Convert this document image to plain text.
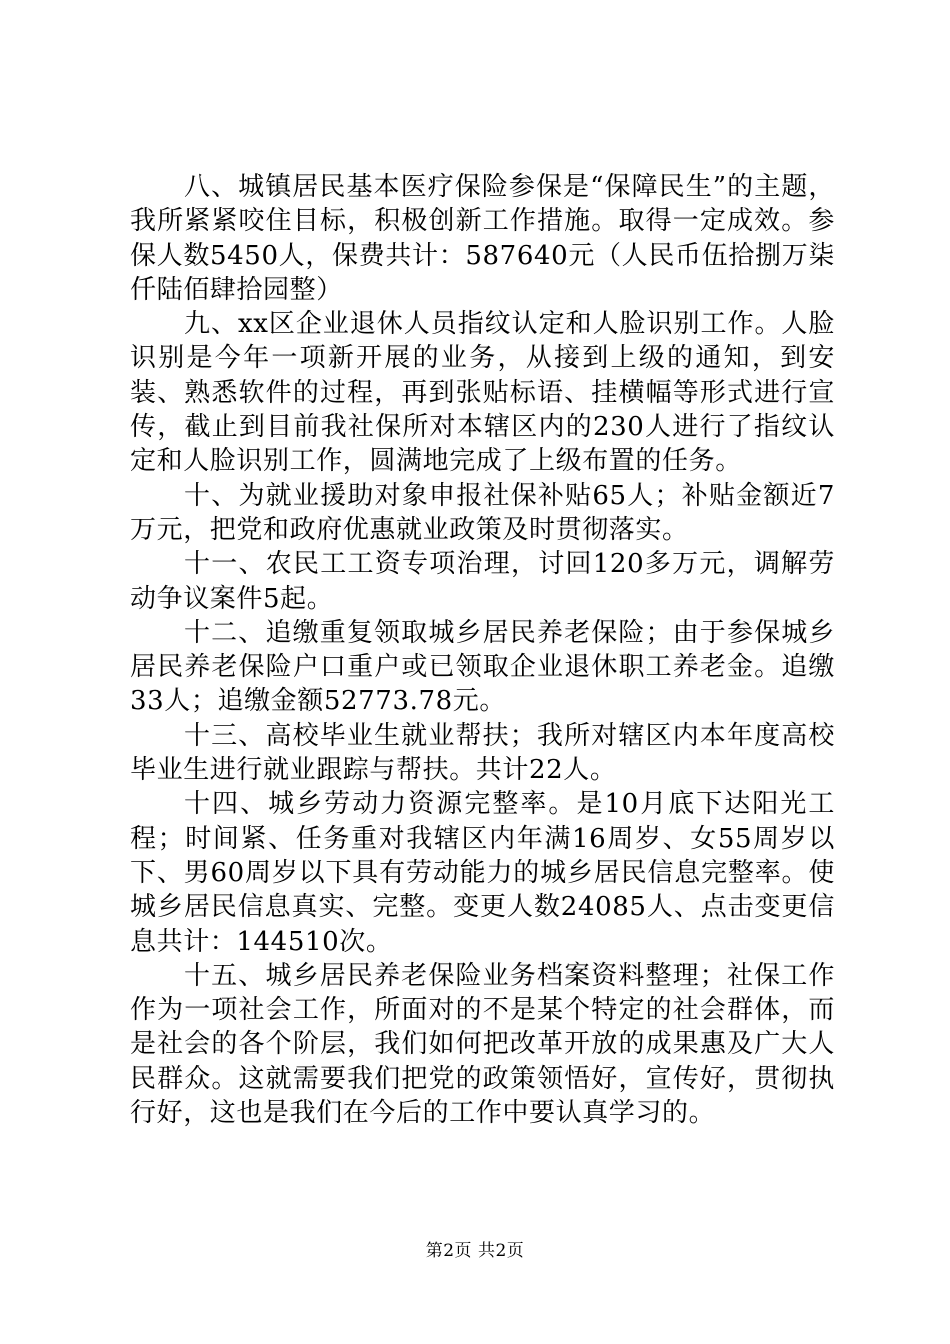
八、城镇居民基本医疗保险参保是“保障民生”的主题，我所紧紧咬住目标，积极创新工作措施。取得一定成效。参保人数5450人，保费共计：587640元（人民币伍拾捌万柒仟陆佰肆拾园整）

九、xx区企业退休人员指纹认定和人脸识别工作。人脸识别是今年一项新开展的业务，从接到上级的通知，到安装、熟悉软件的过程，再到张贴标语、挂横幅等形式进行宣传，截止到目前我社保所对本辖区内的230人进行了指纹认定和人脸识别工作，圆满地完成了上级布置的任务。

十、为就业援助对象申报社保补贴65人；补贴金额近7万元，把党和政府优惠就业政策及时贯彻落实。

十一、农民工工资专项治理，讨回120多万元，调解劳动争议案件5起。

十二、追缴重复领取城乡居民养老保险；由于参保城乡居民养老保险户口重户或已领取企业退休职工养老金。追缴33人；追缴金额52773.78元。

十三、高校毕业生就业帮扶；我所对辖区内本年度高校毕业生进行就业跟踪与帮扶。共计22人。

十四、城乡劳动力资源完整率。是10月底下达阳光工程；时间紧、任务重对我辖区内年满16周岁、女55周岁以下、男60周岁以下具有劳动能力的城乡居民信息完整率。使城乡居民信息真实、完整。变更人数24085人、点击变更信息共计：144510次。

十五、城乡居民养老保险业务档案资料整理；社保工作作为一项社会工作，所面对的不是某个特定的社会群体，而是社会的各个阶层，我们如何把改革开放的成果惠及广大人民群众。这就需要我们把党的政策领悟好，宣传好，贯彻执行好，这也是我们在今后的工作中要认真学习的。

第2页 共2页
